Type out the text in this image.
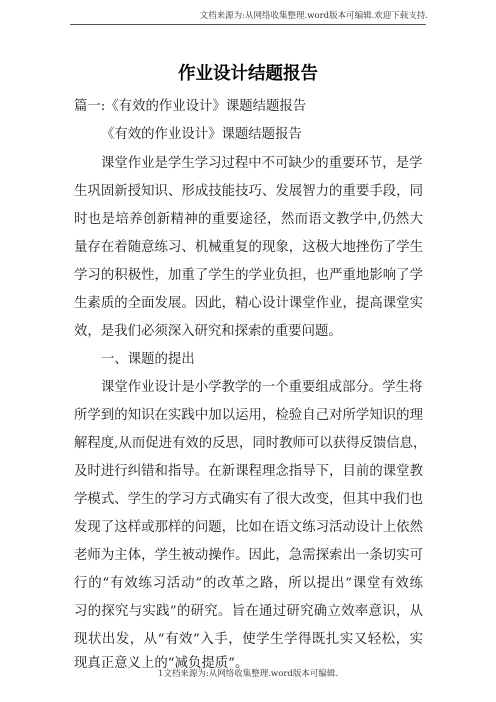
文档来源为:从网络收集整理.word版本可编辑.欢迎下载支持.
作业设计结题报告
篇一:《有效的作业设计》课题结题报告
《有效的作业设计》课题结题报告
课堂作业是学生学习过程中不可缺少的重要环节，是学
生巩固新授知识、形成技能技巧、发展智力的重要手段，同
时也是培养创新精神的重要途径，然而语文教学中,仍然大
量存在着随意练习、机械重复的现象，这极大地挫伤了学生
学习的积极性，加重了学生的学业负担，也严重地影响了学
生素质的全面发展。因此，精心设计课堂作业，提高课堂实
效，是我们必须深入研究和探索的重要问题。
一、课题的提出
课堂作业设计是小学教学的一个重要组成部分。学生将
所学到的知识在实践中加以运用，检验自己对所学知识的理
解程度,从而促进有效的反思，同时教师可以获得反馈信息，
及时进行纠错和指导。在新课程理念指导下，目前的课堂教
学模式、学生的学习方式确实有了很大改变，但其中我们也
发现了这样或那样的问题，比如在语文练习活动设计上依然
老师为主体，学生被动操作。因此，急需探索出一条切实可
行的“有效练习活动”的改革之路，所以提出“课堂有效练
习的探究与实践”的研究。旨在通过研究确立效率意识，从
现状出发，从“有效”入手，使学生学得既扎实又轻松，实
现真正意义上的“减负提质”。
1文档来源为:从网络收集整理.word版本可编辑.
